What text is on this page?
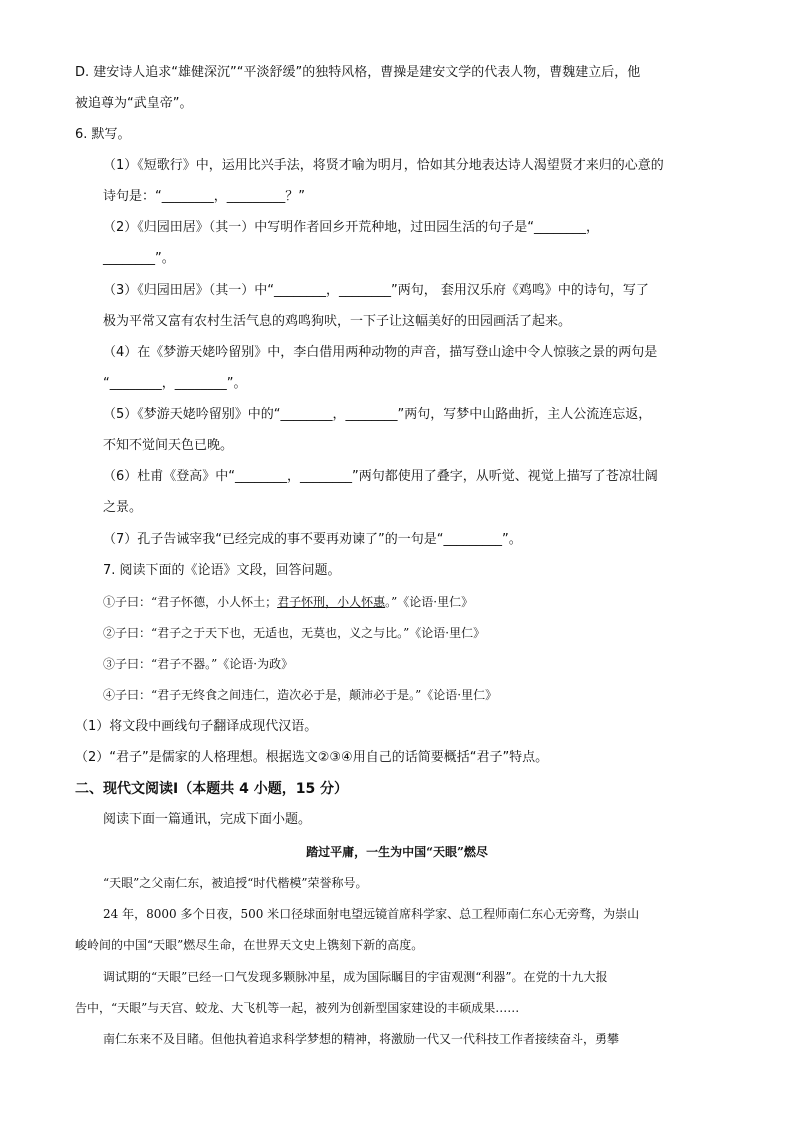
D. 建安诗人追求“雄健深沉”“平淡舒缓”的独特风格，曹操是建安文学的代表人物，曹魏建立后，他
被追尊为“武皇帝”。
6. 默写。
（1）《短歌行》中，运用比兴手法，将贤才喻为明月，恰如其分地表达诗人渴望贤才来归的心意的
诗句是：“________，_________？”
（2）《归园田居》（其一）中写明作者回乡开荒种地，过田园生活的句子是“________，
________”。
（3）《归园田居》（其一）中“________，________”两句， 套用汉乐府《鸡鸣》中的诗句，写了
极为平常又富有农村生活气息的鸡鸣狗吠，一下子让这幅美好的田园画活了起来。
（4）在《梦游天姥吟留别》中，李白借用两种动物的声音，描写登山途中令人惊骇之景的两句是
“________，________”。
（5）《梦游天姥吟留别》中的“________，________”两句，写梦中山路曲折，主人公流连忘返，
不知不觉间天色已晚。
（6）杜甫《登高》中“________，________”两句都使用了叠字，从听觉、视觉上描写了苍凉壮阔
之景。
（7）孔子告诫宰我“已经完成的事不要再劝谏了”的一句是“_________”。
7. 阅读下面的《论语》文段，回答问题。
①子曰：“君子怀德，小人怀土；君子怀刑，小人怀惠。”《论语·里仁》
②子曰：“君子之于天下也，无适也，无莫也，义之与比。”《论语·里仁》
③子曰：“君子不器。”《论语·为政》
④子曰：“君子无终食之间违仁，造次必于是，颠沛必于是。”《论语·里仁》
（1）将文段中画线句子翻译成现代汉语。
（2）“君子”是儒家的人格理想。根据选文②③④用自己的话简要概括“君子”特点。
二、现代文阅读Ⅰ（本题共 4 小题，15 分）
阅读下面一篇通讯，完成下面小题。
踏过平庸，一生为中国“天眼”燃尽
“天眼”之父南仁东，被追授“时代楷模”荣誉称号。
24 年，8000 多个日夜，500 米口径球面射电望远镜首席科学家、总工程师南仁东心无旁骛，为崇山
峻岭间的中国“天眼”燃尽生命，在世界天文史上镌刻下新的高度。
调试期的“天眼”已经一口气发现多颗脉冲星，成为国际瞩目的宇宙观测“利器”。在党的十九大报
告中，“天眼”与天宫、蛟龙、大飞机等一起，被列为创新型国家建设的丰硕成果……
南仁东来不及目睹。但他执着追求科学梦想的精神，将激励一代又一代科技工作者接续奋斗，勇攀
